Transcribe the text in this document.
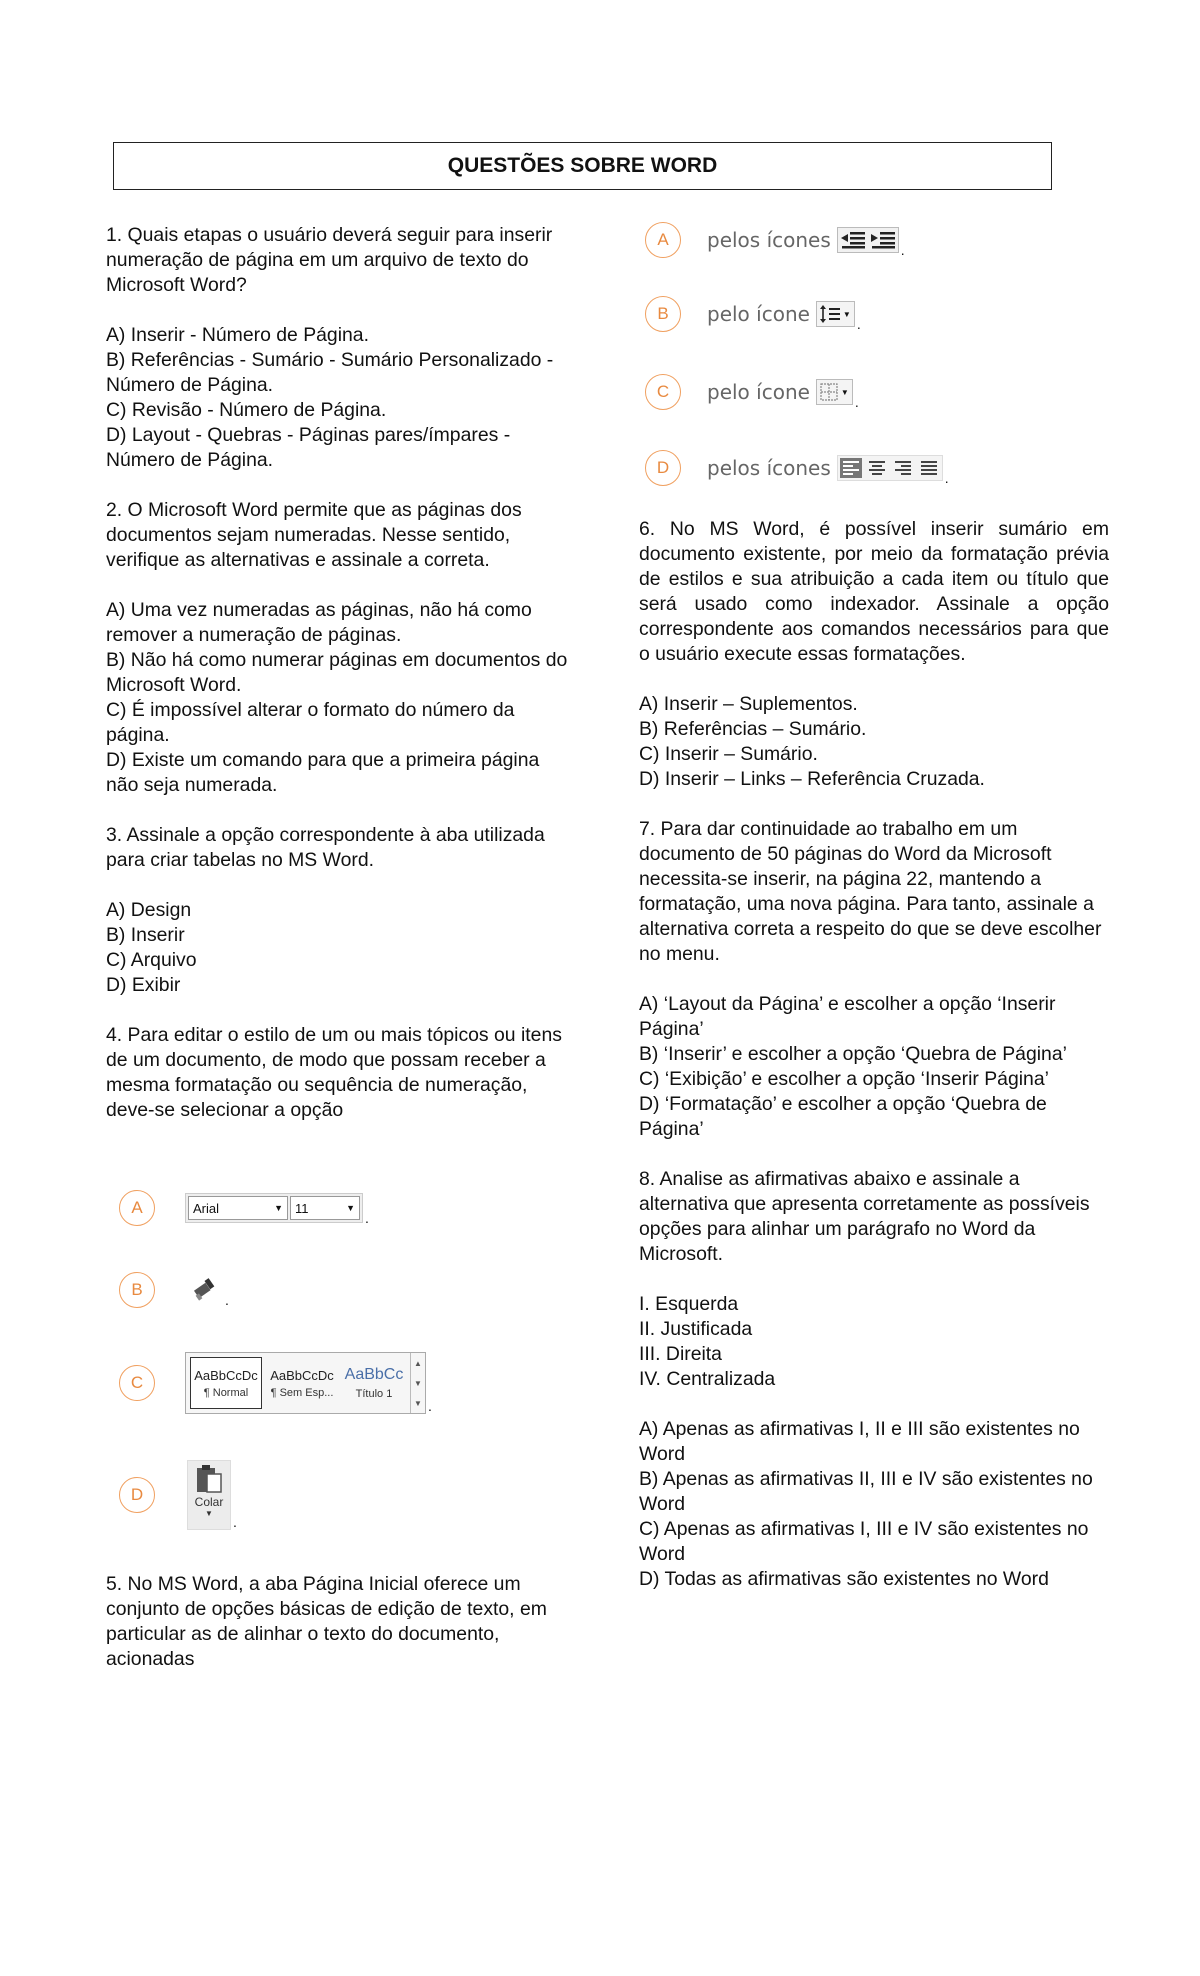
QUESTÕES SOBRE WORD
1. Quais etapas o usuário deverá seguir para inserir numeração de página em um arquivo de texto do Microsoft Word?
A) Inserir - Número de Página.
B) Referências - Sumário - Sumário Personalizado - Número de Página.
C) Revisão - Número de Página.
D) Layout - Quebras - Páginas pares/ímpares - Número de Página.
2. O Microsoft Word permite que as páginas dos documentos sejam numeradas. Nesse sentido, verifique as alternativas e assinale a correta.
A) Uma vez numeradas as páginas, não há como remover a numeração de páginas.
B) Não há como numerar páginas em documentos do Microsoft Word.
C) É impossível alterar o formato do número da página.
D) Existe um comando para que a primeira página não seja numerada.
3. Assinale a opção correspondente à aba utilizada para criar tabelas no MS Word.
A) Design
B) Inserir
C) Arquivo
D) Exibir
4. Para editar o estilo de um ou mais tópicos ou itens de um documento, de modo que possam receber a mesma formatação ou sequência de numeração, deve-se selecionar a opção
A	Arial	▼ 11	▼
.
B
.
C	AaBbCcDc
¶ Normal
AaBbCcDc
¶ Sem Esp...
AaBbCc
Título 1
▲
▼
▼ .
D	Colar
▼
.
5. No MS Word, a aba Página Inicial oferece um conjunto de opções básicas de edição de texto, em particular as de alinhar o texto do documento, acionadas
A	pelos ícones	.
B	pelo ícone	▼
.
C	pelo ícone	▼
.
D	pelos ícones	.
6. No MS Word, é possível inserir sumário em documento existente, por meio da formatação prévia de estilos e sua atribuição a cada item ou título que será usado como indexador. Assinale a opção correspondente aos comandos necessários para que o usuário execute essas formatações.
A) Inserir – Suplementos.
B) Referências – Sumário.
C) Inserir – Sumário.
D) Inserir – Links – Referência Cruzada.
7. Para dar continuidade ao trabalho em um documento de 50 páginas do Word da Microsoft necessita-se inserir, na página 22, mantendo a formatação, uma nova página. Para tanto, assinale a alternativa correta a respeito do que se deve escolher no menu.
A) ‘Layout da Página’ e escolher a opção ‘Inserir Página’
B) ‘Inserir’ e escolher a opção ‘Quebra de Página’
C) ‘Exibição’ e escolher a opção ‘Inserir Página’
D) ‘Formatação’ e escolher a opção ‘Quebra de Página’
8. Analise as afirmativas abaixo e assinale a alternativa que apresenta corretamente as possíveis opções para alinhar um parágrafo no Word da Microsoft.
I. Esquerda
II. Justificada
III. Direita
IV. Centralizada
A) Apenas as afirmativas I, II e III são existentes no Word
B) Apenas as afirmativas II, III e IV são existentes no Word
C) Apenas as afirmativas I, III e IV são existentes no Word
D) Todas as afirmativas são existentes no Word
